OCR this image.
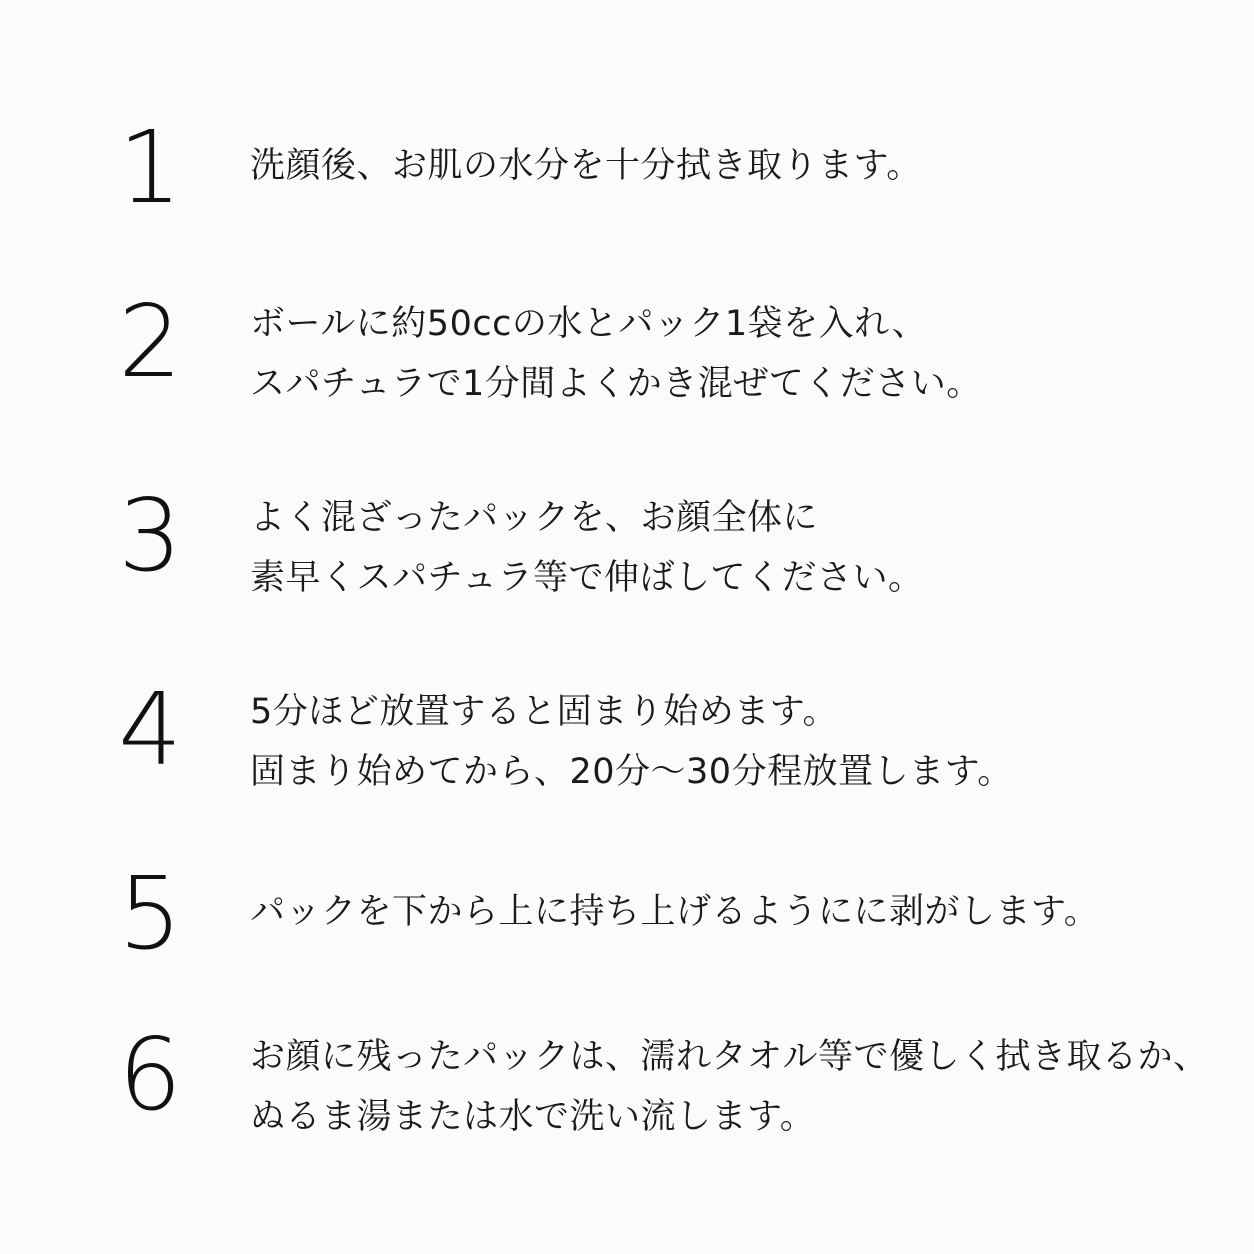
1 洗顔後、お肌の水分を十分拭き取ります。
2 ボールに約50ccの水とパック1袋を入れ、
スパチュラで1分間よくかき混ぜてください。
3 よく混ざったパックを、お顔全体に
素早くスパチュラ等で伸ばしてください。
4 5分ほど放置すると固まり始めます。
固まり始めてから、20分～30分程放置します。
5 パックを下から上に持ち上げるようにに剥がします。
6 お顔に残ったパックは、濡れタオル等で優しく拭き取るか、
ぬるま湯または水で洗い流します。
